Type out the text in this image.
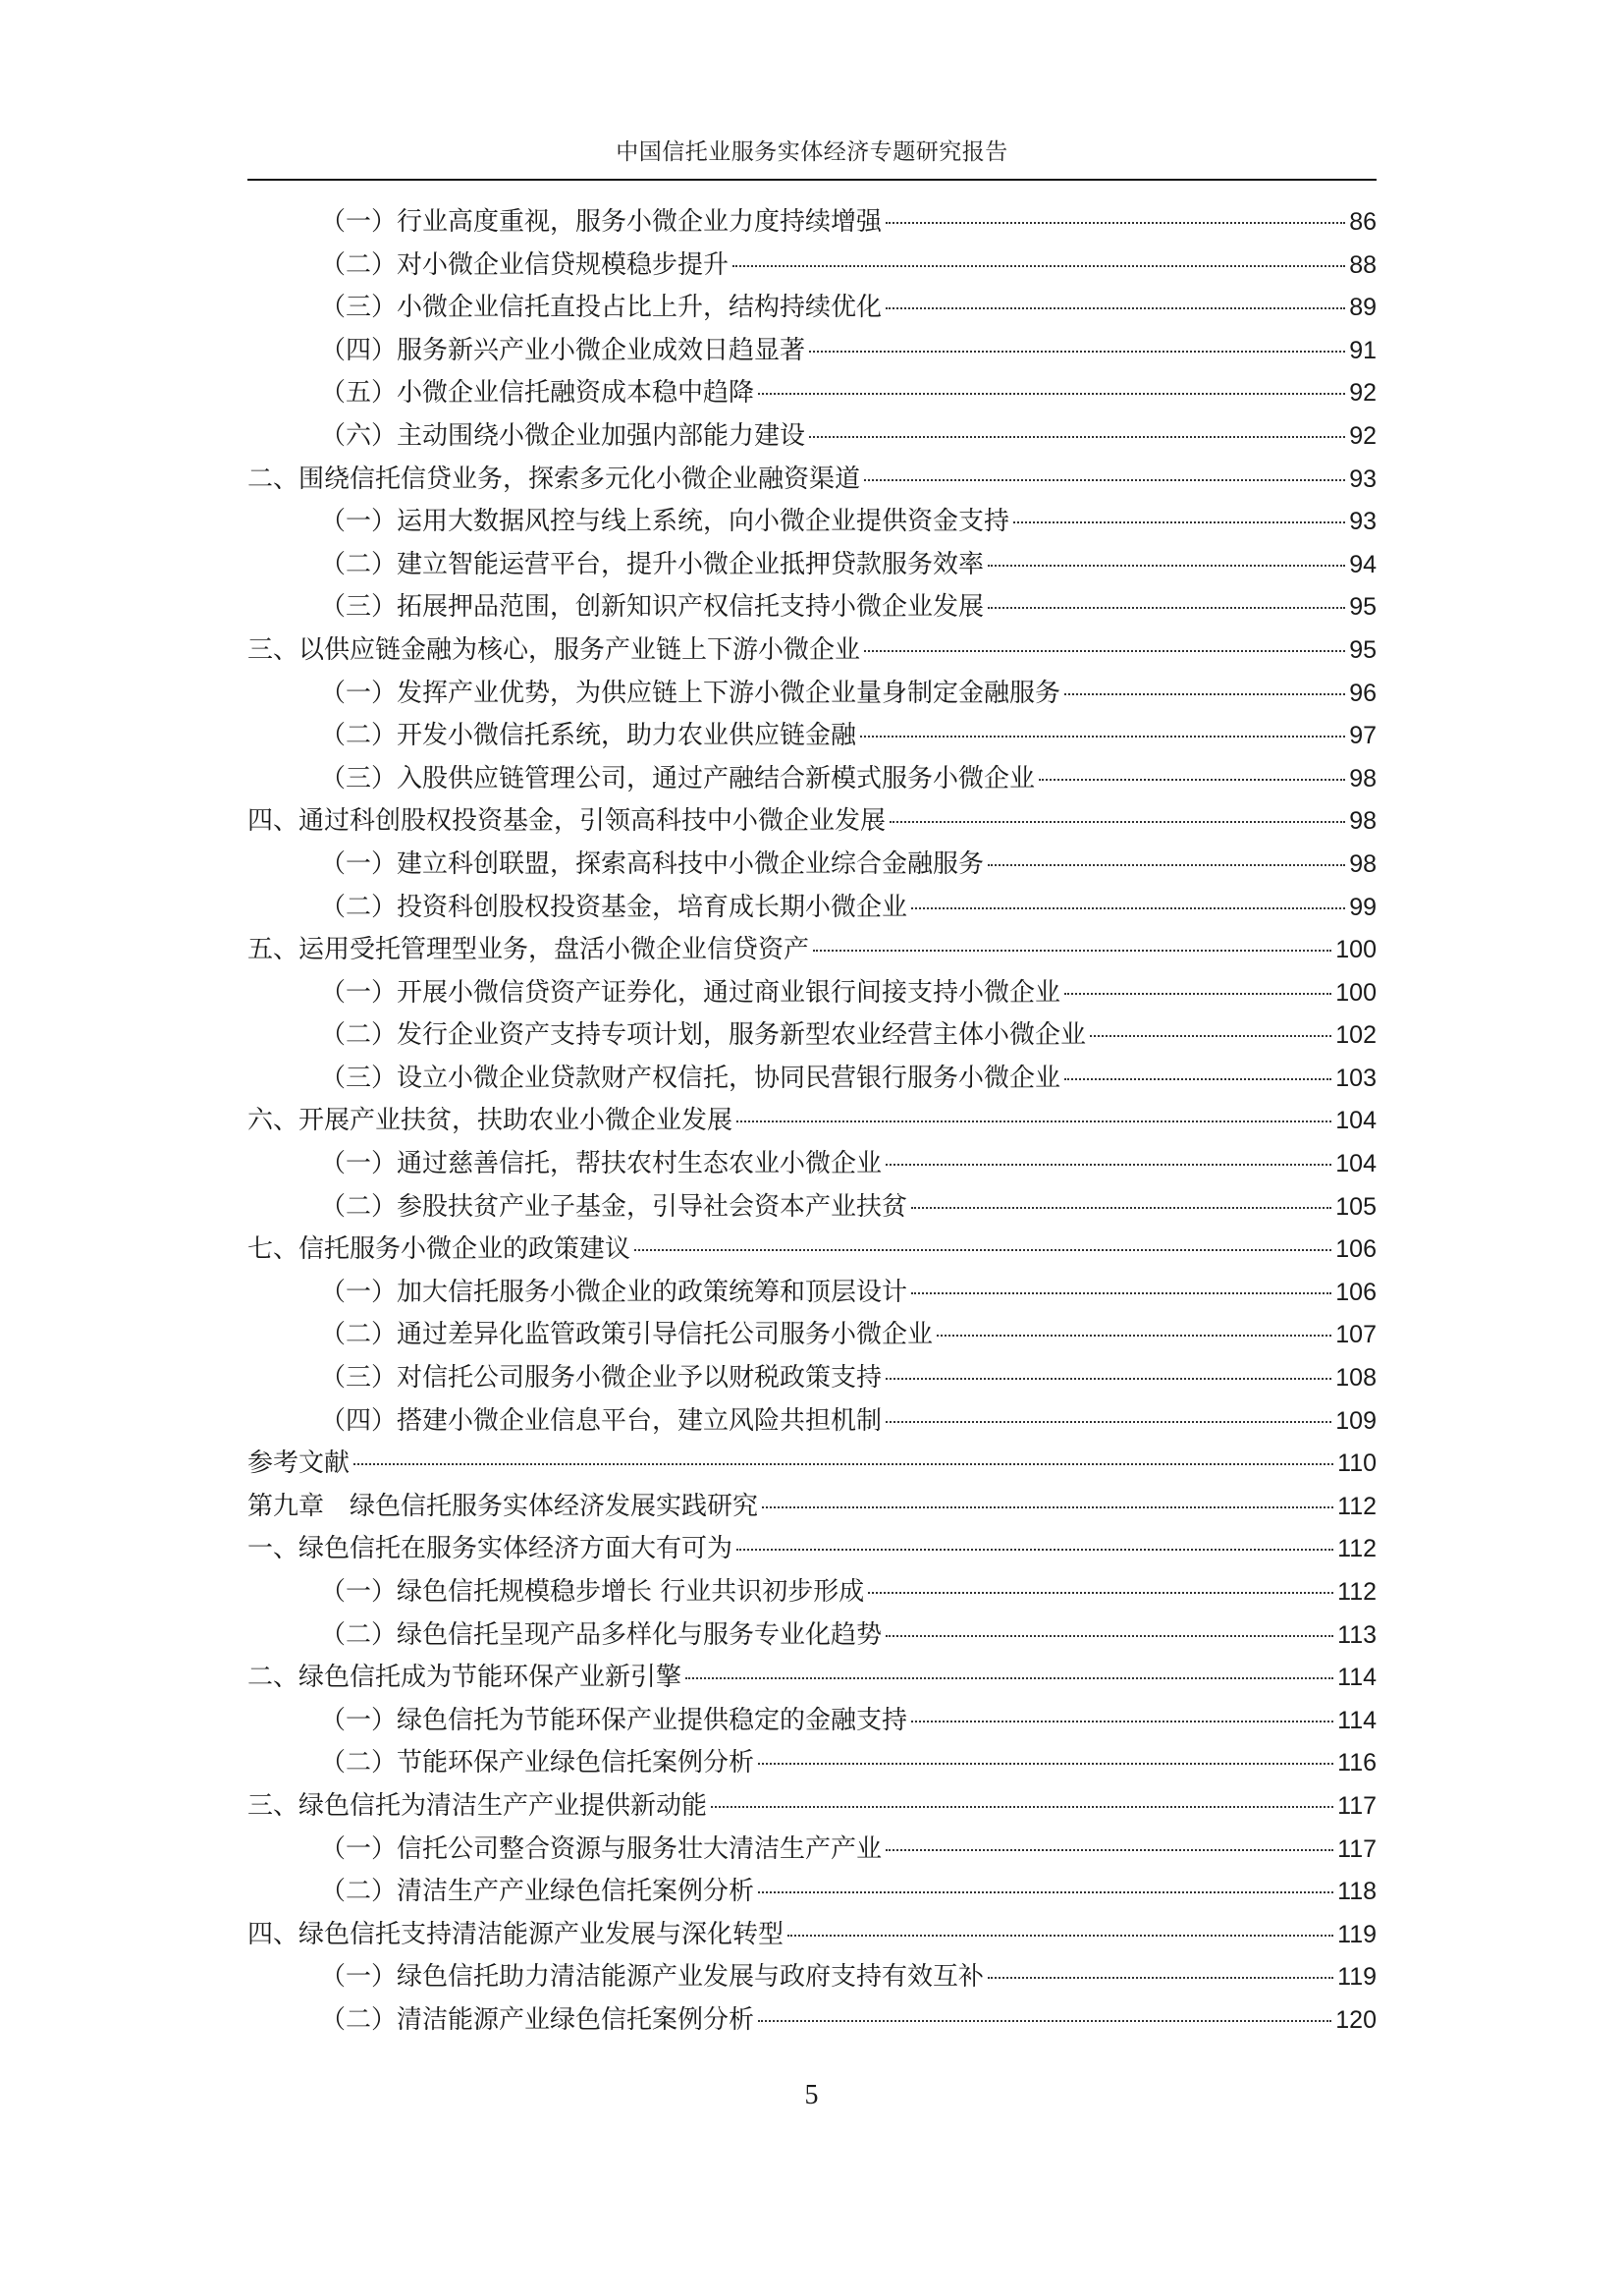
中国信托业服务实体经济专题研究报告
（一）行业高度重视，服务小微企业力度持续增强	86
（二）对小微企业信贷规模稳步提升	88
（三）小微企业信托直投占比上升，结构持续优化	89
（四）服务新兴产业小微企业成效日趋显著	91
（五）小微企业信托融资成本稳中趋降	92
（六）主动围绕小微企业加强内部能力建设	92
二、围绕信托信贷业务，探索多元化小微企业融资渠道	93
（一）运用大数据风控与线上系统，向小微企业提供资金支持	93
（二）建立智能运营平台，提升小微企业抵押贷款服务效率	94
（三）拓展押品范围，创新知识产权信托支持小微企业发展	95
三、以供应链金融为核心，服务产业链上下游小微企业	95
（一）发挥产业优势，为供应链上下游小微企业量身制定金融服务	96
（二）开发小微信托系统，助力农业供应链金融	97
（三）入股供应链管理公司，通过产融结合新模式服务小微企业	98
四、通过科创股权投资基金，引领高科技中小微企业发展	98
（一）建立科创联盟，探索高科技中小微企业综合金融服务	98
（二）投资科创股权投资基金，培育成长期小微企业	99
五、运用受托管理型业务，盘活小微企业信贷资产	100
（一）开展小微信贷资产证券化，通过商业银行间接支持小微企业	100
（二）发行企业资产支持专项计划，服务新型农业经营主体小微企业	102
（三）设立小微企业贷款财产权信托，协同民营银行服务小微企业	103
六、开展产业扶贫，扶助农业小微企业发展	104
（一）通过慈善信托，帮扶农村生态农业小微企业	104
（二）参股扶贫产业子基金，引导社会资本产业扶贫	105
七、信托服务小微企业的政策建议	106
（一）加大信托服务小微企业的政策统筹和顶层设计	106
（二）通过差异化监管政策引导信托公司服务小微企业	107
（三）对信托公司服务小微企业予以财税政策支持	108
（四）搭建小微企业信息平台，建立风险共担机制	109
参考文献	110
第九章　绿色信托服务实体经济发展实践研究	112
一、绿色信托在服务实体经济方面大有可为	112
（一）绿色信托规模稳步增长 行业共识初步形成	112
（二）绿色信托呈现产品多样化与服务专业化趋势	113
二、绿色信托成为节能环保产业新引擎	114
（一）绿色信托为节能环保产业提供稳定的金融支持	114
（二）节能环保产业绿色信托案例分析	116
三、绿色信托为清洁生产产业提供新动能	117
（一）信托公司整合资源与服务壮大清洁生产产业	117
（二）清洁生产产业绿色信托案例分析	118
四、绿色信托支持清洁能源产业发展与深化转型	119
（一）绿色信托助力清洁能源产业发展与政府支持有效互补	119
（二）清洁能源产业绿色信托案例分析	120
5
